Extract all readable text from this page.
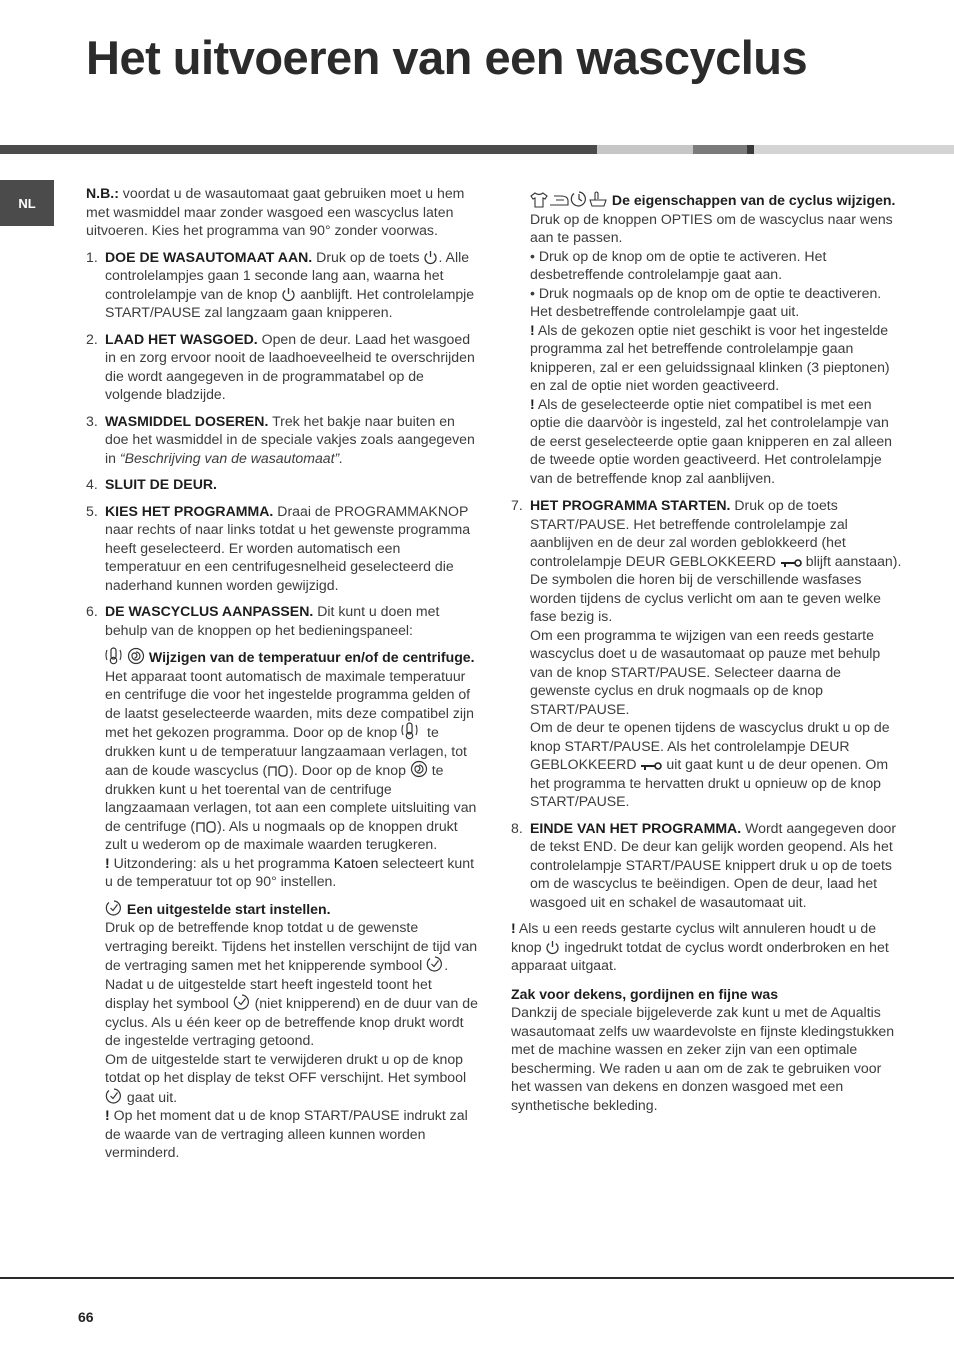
Het uitvoeren van een wascyclus
NL

N.B.: voordat u de wasautomaat gaat gebruiken moet u hem met wasmiddel maar zonder wasgoed een wascyclus laten uitvoeren. Kies het programma van 90° zonder voorwas.

1. DOE DE WASAUTOMAAT AAN. Druk op de toets . Alle controlelampjes gaan 1 seconde lang aan, waarna het controlelampje van de knop  aanblijft. Het controlelampje START/PAUSE zal langzaam gaan knipperen.
2. LAAD HET WASGOED. Open de deur. Laad het wasgoed in en zorg ervoor nooit de laadhoeveelheid te overschrijden die wordt aangegeven in de programmatabel op de volgende bladzijde.
3. WASMIDDEL DOSEREN. Trek het bakje naar buiten en doe het wasmiddel in de speciale vakjes zoals aangegeven in “Beschrijving van de wasautomaat”.
4. SLUIT DE DEUR.
5. KIES HET PROGRAMMA. Draai de PROGRAMMAKNOP naar rechts of naar links totdat u het gewenste programma heeft geselecteerd. Er worden automatisch een temperatuur en een centrifugesnelheid geselecteerd die naderhand kunnen worden gewijzigd.
6. DE WASCYCLUS AANPASSEN. Dit kunt u doen met behulp van de knoppen op het bedieningspaneel:

Wijzigen van de temperatuur en/of de centrifuge.

Het apparaat toont automatisch de maximale temperatuur en centrifuge die voor het ingestelde programma gelden of de laatst geselecteerde waarden, mits deze compatibel zijn met het gekozen programma. Door op de knop  te drukken kunt u de temperatuur langzaamaan verlagen, tot aan de koude wascyclus ( ). Door op de knop  te drukken kunt u het toerental van de centrifuge langzaamaan verlagen, tot aan een complete uitsluiting van de centrifuge ( ). Als u nogmaals op de knoppen drukt zult u wederom op de maximale waarden terugkeren.

! Uitzondering: als u het programma Katoen selecteert kunt u de temperatuur tot op 90° instellen.

Een uitgestelde start instellen.

Druk op de betreffende knop totdat u de gewenste vertraging bereikt. Tijdens het instellen verschijnt de tijd van de vertraging samen met het knipperende symbool . Nadat u de uitgestelde start heeft ingesteld toont het display het symbool  (niet knipperend) en de duur van de cyclus. Als u één keer op de betreffende knop drukt wordt de ingestelde vertraging getoond.

Om de uitgestelde start te verwijderen drukt u op de knop totdat op het display de tekst OFF verschijnt. Het symbool  gaat uit.

! Op het moment dat u de knop START/PAUSE indrukt zal de waarde van de vertraging alleen kunnen worden verminderd.

De eigenschappen van de cyclus wijzigen.

Druk op de knoppen OPTIES om de wascyclus naar wens aan te passen.

• Druk op de knop om de optie te activeren. Het desbetreffende controlelampje gaat aan.

• Druk nogmaals op de knop om de optie te deactiveren. Het desbetreffende controlelampje gaat uit.

! Als de gekozen optie niet geschikt is voor het ingestelde programma zal het betreffende controlelampje gaan knipperen, zal er een geluidssignaal klinken (3 pieptonen) en zal de optie niet worden geactiveerd.

! Als de geselecteerde optie niet compatibel is met een optie die daarvòòr is ingesteld, zal het controlelampje van de eerst geselecteerde optie gaan knipperen en zal alleen de tweede optie worden geactiveerd. Het controlelampje van de betreffende knop zal aanblijven.

7. HET PROGRAMMA STARTEN. Druk op de toets START/PAUSE. Het betreffende controlelampje zal aanblijven en de deur zal worden geblokkeerd (het controlelampje DEUR GEBLOKKEERD  blijft aanstaan). De symbolen die horen bij de verschillende wasfases worden tijdens de cyclus verlicht om aan te geven welke fase bezig is.

Om een programma te wijzigen van een reeds gestarte wascyclus doet u de wasautomaat op pauze met behulp van de knop START/PAUSE. Selecteer daarna de gewenste cyclus en druk nogmaals op de knop START/PAUSE.

Om de deur te openen tijdens de wascyclus drukt u op de knop START/PAUSE. Als het controlelampje DEUR GEBLOKKEERD  uit gaat kunt u de deur openen. Om het programma te hervatten drukt u opnieuw op de knop START/PAUSE.

8. EINDE VAN HET PROGRAMMA. Wordt aangegeven door de tekst END. De deur kan gelijk worden geopend. Als het controlelampje START/PAUSE knippert druk u op de toets om de wascyclus te beëindigen. Open de deur, laad het wasgoed uit en schakel de wasautomaat uit.

! Als u een reeds gestarte cyclus wilt annuleren houdt u de knop  ingedrukt totdat de cyclus wordt onderbroken en het apparaat uitgaat.

Zak voor dekens, gordijnen en fijne was

Dankzij de speciale bijgeleverde zak kunt u met de Aqualtis wasautomaat zelfs uw waardevolste en fijnste kledingstukken met de machine wassen en zeker zijn van een optimale bescherming. We raden u aan om de zak te gebruiken voor het wassen van dekens en donzen wasgoed met een synthetische bekleding.

66
